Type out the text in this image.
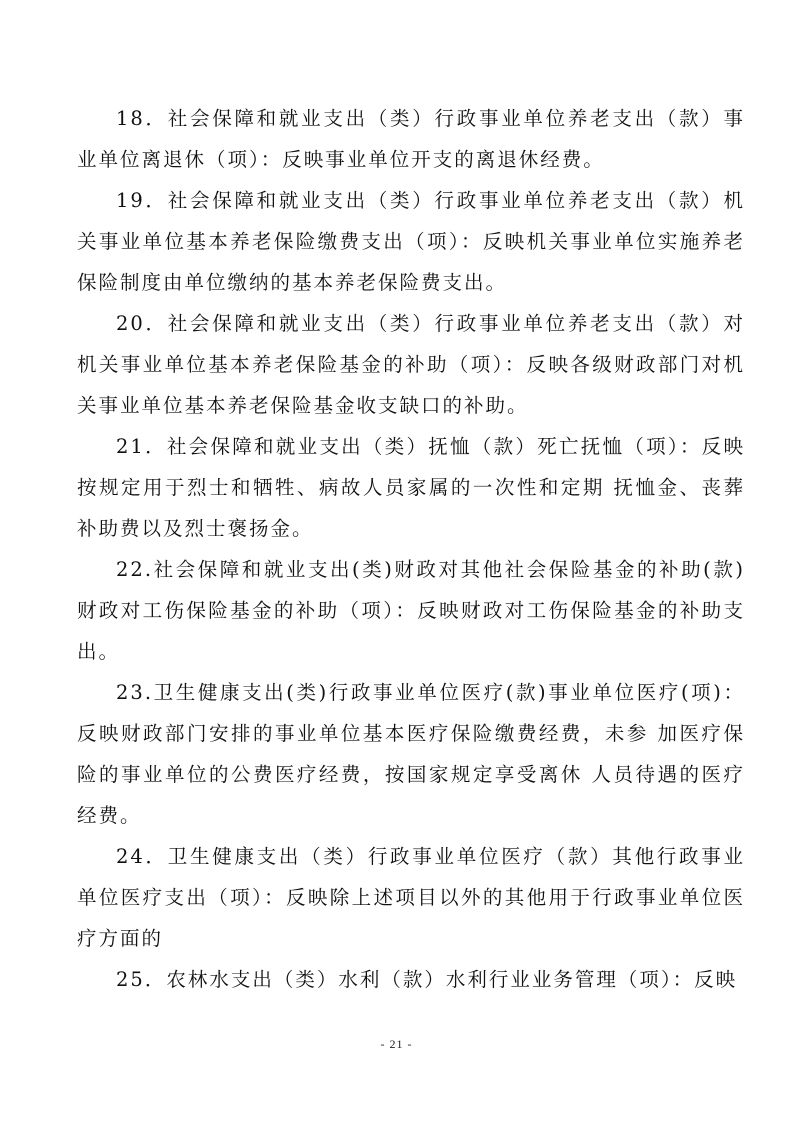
18．社会保障和就业支出（类）行政事业单位养老支出（款）事业单位离退休（项）：反映事业单位开支的离退休经费。

19．社会保障和就业支出（类）行政事业单位养老支出（款）机关事业单位基本养老保险缴费支出（项）：反映机关事业单位实施养老保险制度由单位缴纳的基本养老保险费支出。

20．社会保障和就业支出（类）行政事业单位养老支出（款）对机关事业单位基本养老保险基金的补助（项）：反映各级财政部门对机关事业单位基本养老保险基金收支缺口的补助。

21．社会保障和就业支出（类）抚恤（款）死亡抚恤（项）：反映按规定用于烈士和牺牲、病故人员家属的一次性和定期 抚恤金、丧葬补助费以及烈士褒扬金。

22.社会保障和就业支出(类)财政对其他社会保险基金的补助(款)财政对工伤保险基金的补助（项）：反映财政对工伤保险基金的补助支出。

23.卫生健康支出(类)行政事业单位医疗(款)事业单位医疗(项)：反映财政部门安排的事业单位基本医疗保险缴费经费，未参 加医疗保险的事业单位的公费医疗经费，按国家规定享受离休 人员待遇的医疗经费。

24．卫生健康支出（类）行政事业单位医疗（款）其他行政事业单位医疗支出（项）：反映除上述项目以外的其他用于行政事业单位医疗方面的

25．农林水支出（类）水利（款）水利行业业务管理（项）：反映

- 21 -
